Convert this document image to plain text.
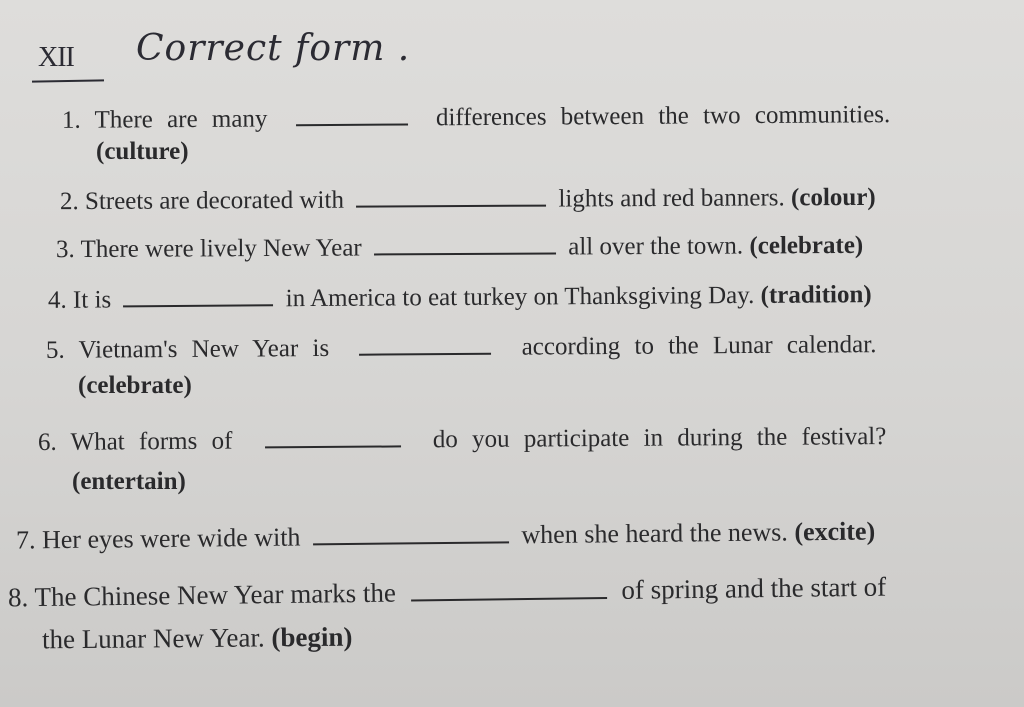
XII Correct form .
1. There are many	differences between the two communities.
(culture)
2. Streets are decorated with	lights and red banners. (colour)
3. There were lively New Year	all over the town. (celebrate)
4. It is	in America to eat turkey on Thanksgiving Day. (tradition)
5. Vietnam's New Year is	according to the Lunar calendar.
(celebrate)
6. What forms of	do you participate in during the festival?
(entertain)
7. Her eyes were wide with	when she heard the news. (excite)
8. The Chinese New Year marks the	of spring and the start of
the Lunar New Year. (begin)
